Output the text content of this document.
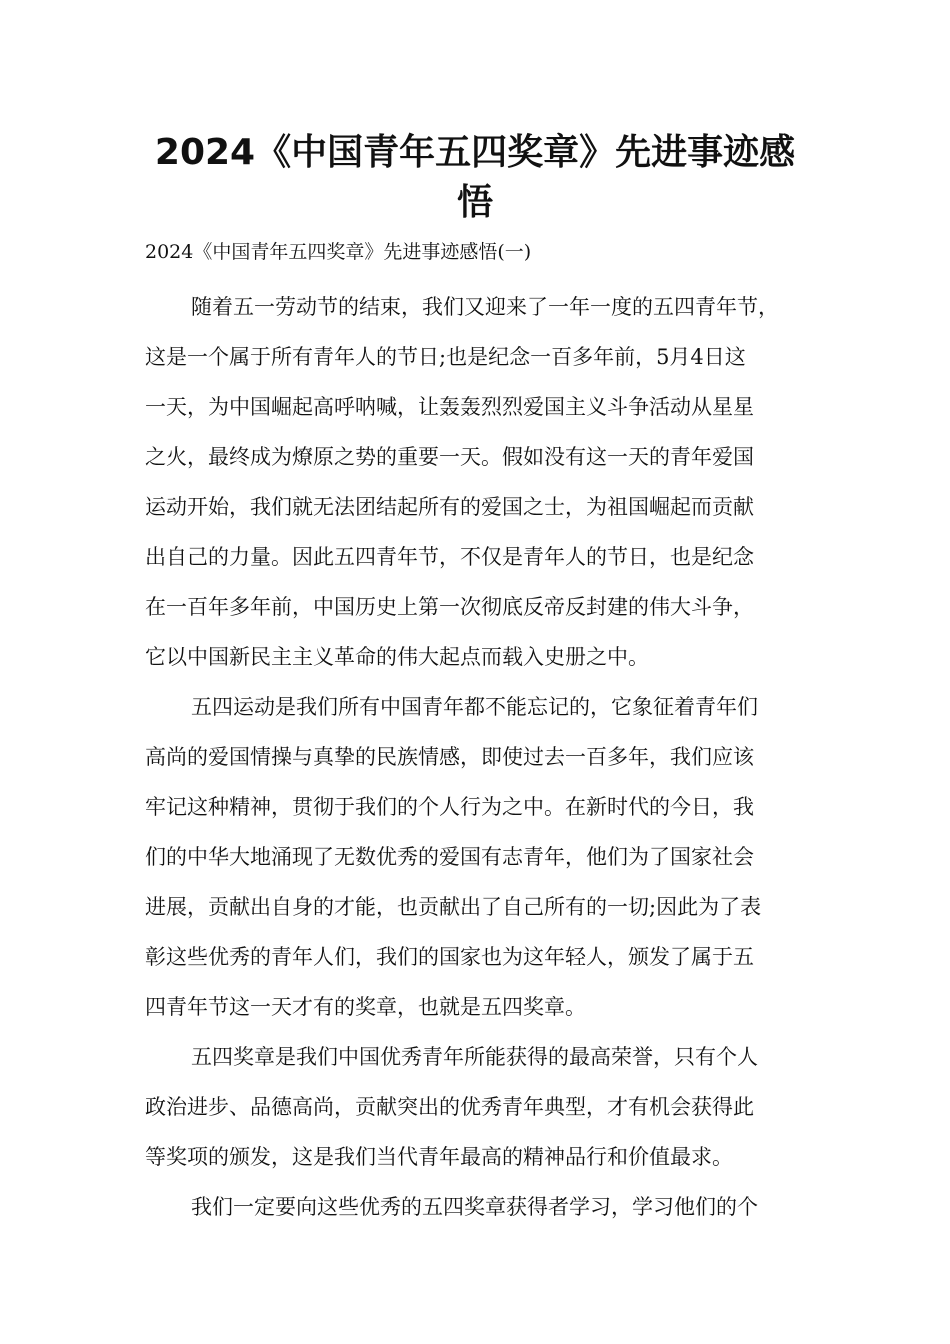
2024《中国青年五四奖章》先进事迹感
悟

2024《中国青年五四奖章》先进事迹感悟(一)

随着五一劳动节的结束，我们又迎来了一年一度的五四青年节，
这是一个属于所有青年人的节日;也是纪念一百多年前，5月4日这
一天，为中国崛起高呼呐喊，让轰轰烈烈爱国主义斗争活动从星星
之火，最终成为燎原之势的重要一天。假如没有这一天的青年爱国
运动开始，我们就无法团结起所有的爱国之士，为祖国崛起而贡献
出自己的力量。因此五四青年节，不仅是青年人的节日，也是纪念
在一百年多年前，中国历史上第一次彻底反帝反封建的伟大斗争，
它以中国新民主主义革命的伟大起点而载入史册之中。

五四运动是我们所有中国青年都不能忘记的，它象征着青年们
高尚的爱国情操与真挚的民族情感，即使过去一百多年，我们应该
牢记这种精神，贯彻于我们的个人行为之中。在新时代的今日，我
们的中华大地涌现了无数优秀的爱国有志青年，他们为了国家社会
进展，贡献出自身的才能，也贡献出了自己所有的一切;因此为了表
彰这些优秀的青年人们，我们的国家也为这年轻人，颁发了属于五
四青年节这一天才有的奖章，也就是五四奖章。

五四奖章是我们中国优秀青年所能获得的最高荣誉，只有个人
政治进步、品德高尚，贡献突出的优秀青年典型，才有机会获得此
等奖项的颁发，这是我们当代青年最高的精神品行和价值最求。

我们一定要向这些优秀的五四奖章获得者学习，学习他们的个
